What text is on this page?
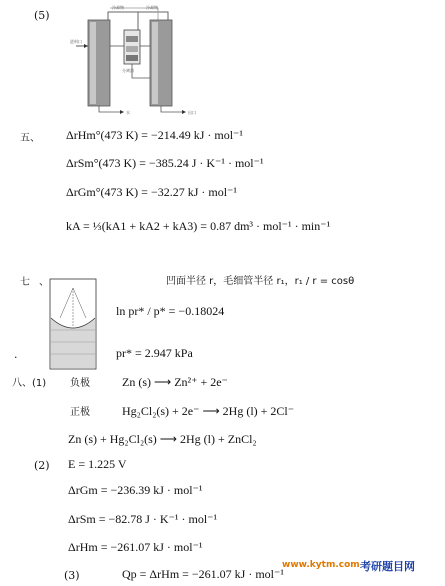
(5)
冷却物	冷却物
进料口
分离器
水	出口
五、 ΔrHm°(473 K) = −214.49 kJ · mol⁻¹
ΔrSm°(473 K) = −385.24 J · K⁻¹ · mol⁻¹
ΔrGm°(473 K) = −32.27 kJ · mol⁻¹
kA = ⅓(kA1 + kA2 + kA3) = 0.87 dm³ · mol⁻¹ · min⁻¹
七 、	凹面半径 r，毛细管半径 r₁，r₁ / r = cosθ
ln pr* / p* = −0.18024
.	pr* = 2.947 kPa
八、(1) 负极	Zn (s) ⟶ Zn²⁺ + 2e⁻
正极	Hg₂Cl₂(s) + 2e⁻ ⟶ 2Hg (l) + 2Cl⁻
Zn (s) + Hg₂Cl₂(s) ⟶ 2Hg (l) + ZnCl₂
(2) E = 1.225 V
ΔrGm = −236.39 kJ · mol⁻¹
ΔrSm = −82.78 J · K⁻¹ · mol⁻¹
ΔrHm = −261.07 kJ · mol⁻¹
(3)	Qp = ΔrHm = −261.07 kJ · mol⁻¹
www.kytm.com 考研题目网
